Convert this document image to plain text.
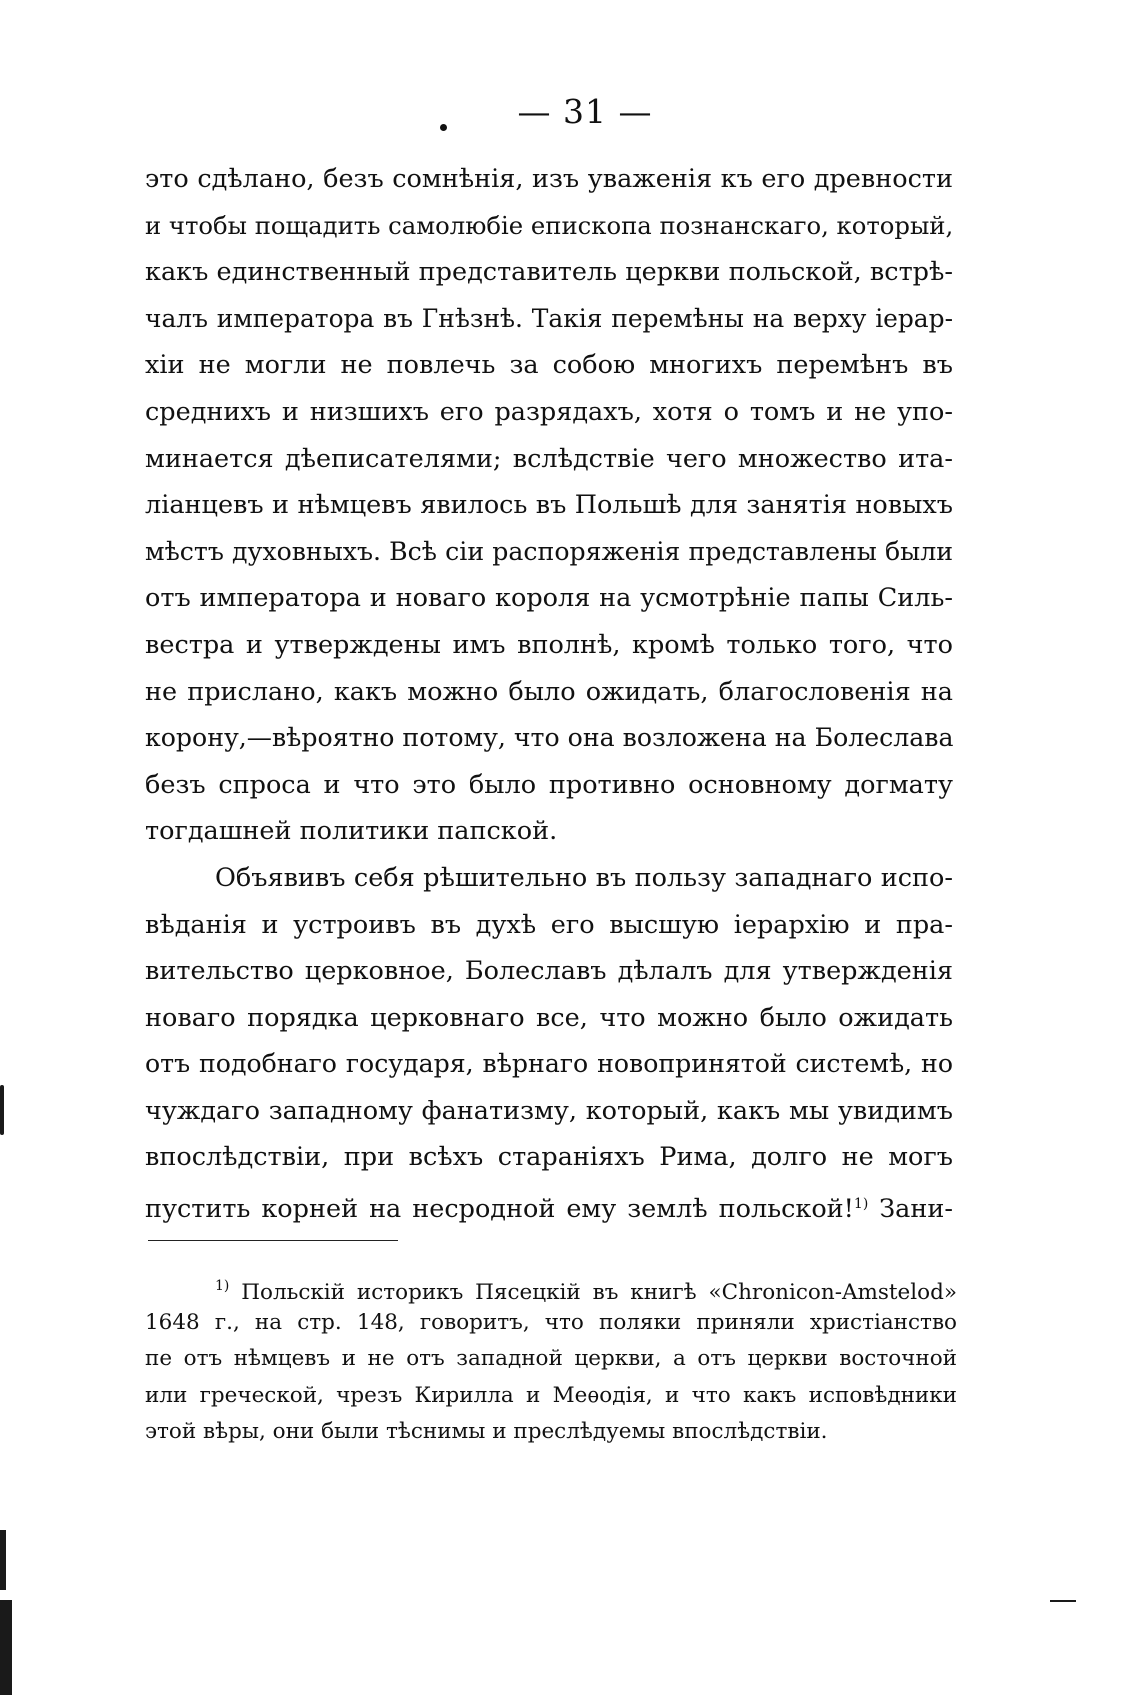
— 31 —
это сдѣлано, безъ сомнѣнія, изъ уваженія къ его древности
и чтобы пощадить самолюбіе епископа познанскаго, который,
какъ единственный представитель церкви польской, встрѣ-
чалъ императора въ Гнѣзнѣ. Такія перемѣны на верху іерар-
хіи не могли не повлечь за собою многихъ перемѣнъ въ
среднихъ и низшихъ его разрядахъ, хотя о томъ и не упо-
минается дѣеписателями; вслѣдствіе чего множество ита-
ліанцевъ и нѣмцевъ явилось въ Польшѣ для занятія новыхъ
мѣстъ духовныхъ. Всѣ сіи распоряженія представлены были
отъ императора и новаго короля на усмотрѣніе папы Силь-
вестра и утверждены имъ вполнѣ, кромѣ только того, что
не прислано, какъ можно было ожидать, благословенія на
корону,—вѣроятно потому, что она возложена на Болеслава
безъ спроса и что это было противно основному догмату
тогдашней политики папской.
Объявивъ себя рѣшительно въ пользу западнаго испо-
вѣданія и устроивъ въ духѣ его высшую іерархію и пра-
вительство церковное, Болеславъ дѣлалъ для утвержденія
новаго порядка церковнаго все, что можно было ожидать
отъ подобнаго государя, вѣрнаго новопринятой системѣ, но
чуждаго западному фанатизму, который, какъ мы увидимъ
впослѣдствіи, при всѣхъ стараніяхъ Рима, долго не могъ
пустить корней на несродной ему землѣ польской!$^{1)}$ Зани-
$^{1)}$ Польскій историкъ Пясецкій въ книгѣ «Chronicon-Amstelod»
1648 г., на стр. 148, говоритъ, что поляки приняли христіанство
пе отъ нѣмцевъ и не отъ западной церкви, а отъ церкви восточной
или греческой, чрезъ Кирилла и Меѳодія, и что какъ исповѣдники
этой вѣры, они были тѣснимы и преслѣдуемы впослѣдствіи.
